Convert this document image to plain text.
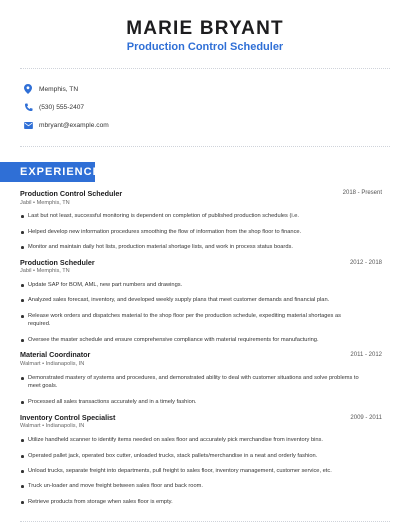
MARIE BRYANT
Production Control Scheduler
Memphis, TN
(530) 555-2407
mbryant@example.com
EXPERIENCE
Production Control Scheduler	2018 - Present
Jabil • Memphis, TN
Last but not least, successful monitoring is dependent on completion of published production schedules (i.e.
Helped develop new information procedures smoothing the flow of information from the shop floor to finance.
Monitor and maintain daily hot lists, production material shortage lists, and work in process status boards.
Production Scheduler	2012 - 2018
Jabil • Memphis, TN
Update SAP for BOM, AML, new part numbers and drawings.
Analyzed sales forecast, inventory, and developed weekly supply plans that meet customer demands and financial plan.
Release work orders and dispatches material to the shop floor per the production schedule, expediting material shortages as required.
Oversee the master schedule and ensure comprehensive compliance with material requirements for manufacturing.
Material Coordinator	2011 - 2012
Walmart • Indianapolis, IN
Demonstrated mastery of systems and procedures, and demonstrated ability to deal with customer situations and solve problems to meet goals.
Processed all sales transactions accurately and in a timely fashion.
Inventory Control Specialist	2009 - 2011
Walmart • Indianapolis, IN
Utilize handheld scanner to identify items needed on sales floor and accurately pick merchandise from inventory bins.
Operated pallet jack, operated box cutter, unloaded trucks, stack pallets/merchandise in a neat and orderly fashion.
Unload trucks, separate freight into departments, pull freight to sales floor, inventory management, customer service, etc.
Truck un-loader and move freight between sales floor and back room.
Retrieve products from storage when sales floor is empty.
